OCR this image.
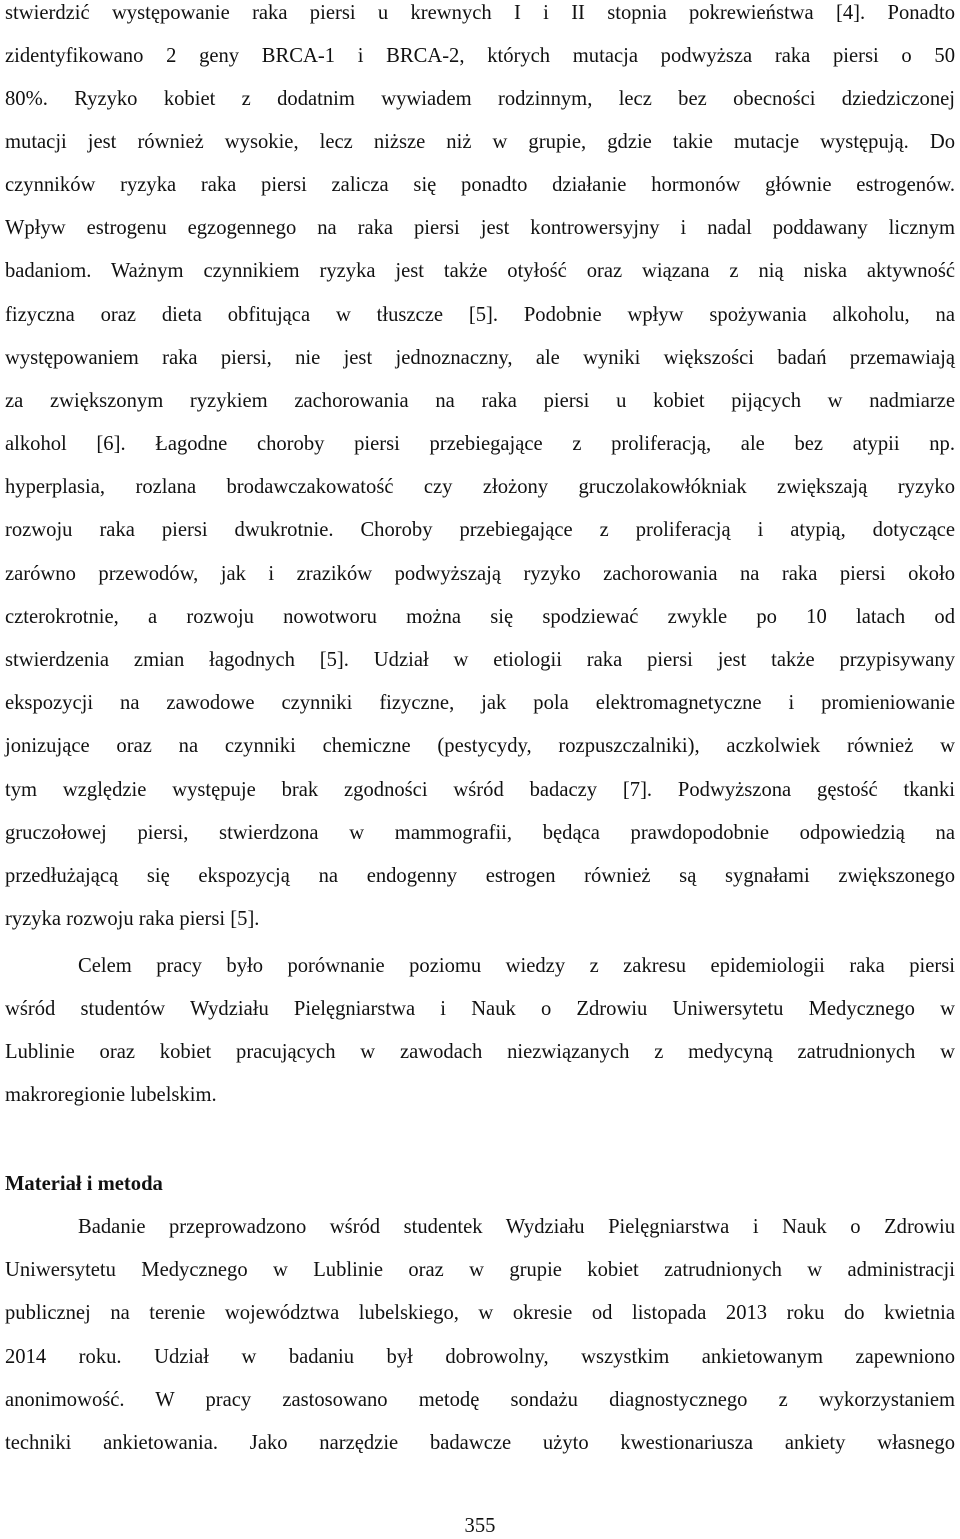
stwierdzić występowanie raka piersi u krewnych I i II stopnia pokrewieństwa [4]. Ponadto
zidentyfikowano 2 geny BRCA-1 i BRCA-2, których mutacja podwyższa raka piersi o 50
80%. Ryzyko kobiet z dodatnim wywiadem rodzinnym, lecz bez obecności dziedziczonej
mutacji jest również wysokie, lecz niższe niż w grupie, gdzie takie mutacje występują. Do
czynników ryzyka raka piersi zalicza się ponadto działanie hormonów głównie estrogenów.
Wpływ estrogenu egzogennego na raka piersi jest kontrowersyjny i nadal poddawany licznym
badaniom. Ważnym czynnikiem ryzyka jest także otyłość oraz wiązana z nią niska aktywność
fizyczna oraz dieta obfitująca w tłuszcze [5]. Podobnie wpływ spożywania alkoholu, na
występowaniem raka piersi, nie jest jednoznaczny, ale wyniki większości badań przemawiają
za zwiększonym ryzykiem zachorowania na raka piersi u kobiet pijących w nadmiarze
alkohol [6]. Łagodne choroby piersi przebiegające z proliferacją, ale bez atypii np.
hyperplasia, rozlana brodawczakowatość czy złożony gruczolakowłókniak zwiększają ryzyko
rozwoju raka piersi dwukrotnie. Choroby przebiegające z proliferacją i atypią, dotyczące
zarówno przewodów, jak i zrazików podwyższają ryzyko zachorowania na raka piersi około
czterokrotnie, a rozwoju nowotworu można się spodziewać zwykle po 10 latach od
stwierdzenia zmian łagodnych [5]. Udział w etiologii raka piersi jest także przypisywany
ekspozycji na zawodowe czynniki fizyczne, jak pola elektromagnetyczne i promieniowanie
jonizujące oraz na czynniki chemiczne (pestycydy, rozpuszczalniki), aczkolwiek również w
tym względzie występuje brak zgodności wśród badaczy [7]. Podwyższona gęstość tkanki
gruczołowej piersi, stwierdzona w mammografii, będąca prawdopodobnie odpowiedzią na
przedłużającą się ekspozycją na endogenny estrogen również są sygnałami zwiększonego
ryzyka rozwoju raka piersi [5].
Celem pracy było porównanie poziomu wiedzy z zakresu epidemiologii raka piersi
wśród studentów Wydziału Pielęgniarstwa i Nauk o Zdrowiu Uniwersytetu Medycznego w
Lublinie oraz kobiet pracujących w zawodach niezwiązanych z medycyną zatrudnionych w
makroregionie lubelskim.
Materiał i metoda
Badanie przeprowadzono wśród studentek Wydziału Pielęgniarstwa i Nauk o Zdrowiu
Uniwersytetu Medycznego w Lublinie oraz w grupie kobiet zatrudnionych w administracji
publicznej na terenie województwa lubelskiego, w okresie od listopada 2013 roku do kwietnia
2014 roku. Udział w badaniu był dobrowolny, wszystkim ankietowanym zapewniono
anonimowość. W pracy zastosowano metodę sondażu diagnostycznego z wykorzystaniem
techniki ankietowania. Jako narzędzie badawcze użyto kwestionariusza ankiety własnego
355
